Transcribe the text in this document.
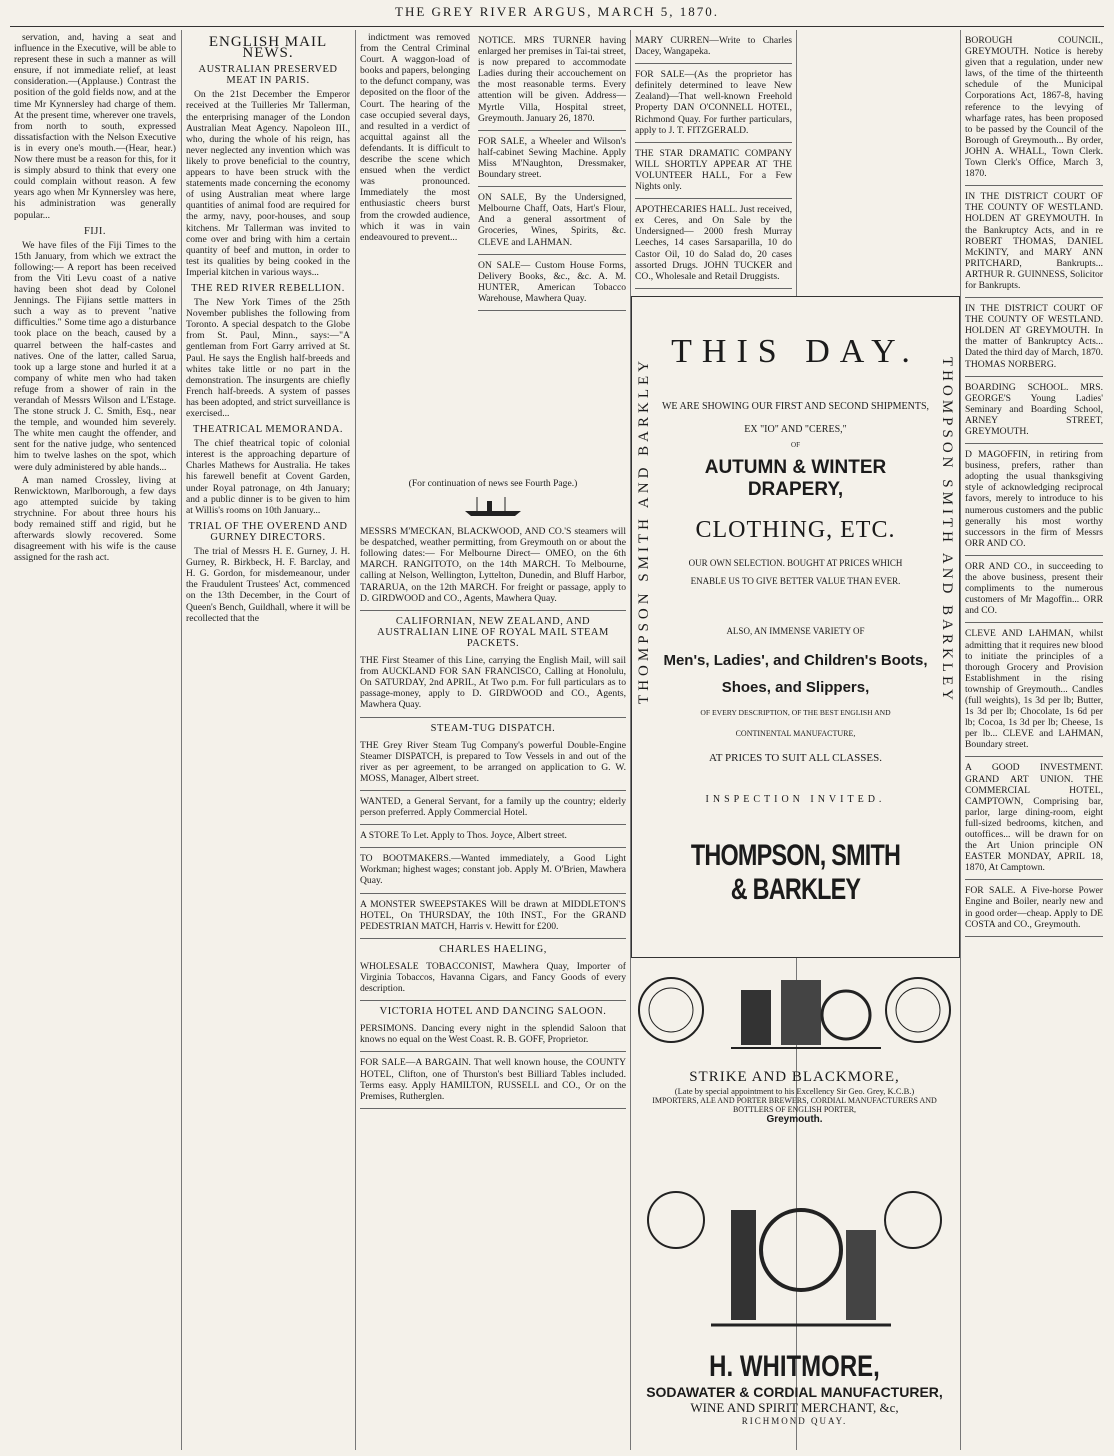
THE GREY RIVER ARGUS, MARCH 5, 1870.

servation, and, having a seat and influence in the Executive, will be able to represent these in such a manner as will ensure, if not immediate relief, at least consideration.—(Applause.) Contrast the position of the gold fields now, and at the time Mr Kynnersley had charge of them. At the present time, wherever one travels, from north to south, expressed dissatisfaction with the Nelson Executive is in every one's mouth.—(Hear, hear.) Now there must be a reason for this, for it is simply absurd to think that every one could complain without reason. A few years ago when Mr Kynnersley was here, his administration was generally popular...

FIJI.

We have files of the Fiji Times to the 15th January, from which we extract the following:— A report has been received from the Viti Levu coast of a native having been shot dead by Colonel Jennings. The Fijians settle matters in such a way as to prevent "native difficulties." Some time ago a disturbance took place on the beach, caused by a quarrel between the half-castes and natives. One of the latter, called Sarua, took up a large stone and hurled it at a company of white men who had taken refuge from a shower of rain in the verandah of Messrs Wilson and L'Estage. The stone struck J. C. Smith, Esq., near the temple, and wounded him severely. The white men caught the offender, and sent for the native judge, who sentenced him to twelve lashes on the spot, which were duly administered by able hands...

A man named Crossley, living at Renwicktown, Marlborough, a few days ago attempted suicide by taking strychnine. For about three hours his body remained stiff and rigid, but he afterwards slowly recovered. Some disagreement with his wife is the cause assigned for the rash act.

ENGLISH MAIL NEWS.
AUSTRALIAN PRESERVED MEAT IN PARIS.

On the 21st December the Emperor received at the Tuilleries Mr Tallerman, the enterprising manager of the London Australian Meat Agency. Napoleon III., who, during the whole of his reign, has never neglected any invention which was likely to prove beneficial to the country, appears to have been struck with the statements made concerning the economy of using Australian meat where large quantities of animal food are required for the army, navy, poor-houses, and soup kitchens. Mr Tallerman was invited to come over and bring with him a certain quantity of beef and mutton, in order to test its qualities by being cooked in the Imperial kitchen in various ways...

THE RED RIVER REBELLION.

The New York Times of the 25th November publishes the following from Toronto. A special despatch to the Globe from St. Paul, Minn., says:—"A gentleman from Fort Garry arrived at St. Paul. He says the English half-breeds and whites take little or no part in the demonstration. The insurgents are chiefly French half-breeds. A system of passes has been adopted, and strict surveillance is exercised...

THEATRICAL MEMORANDA.

The chief theatrical topic of colonial interest is the approaching departure of Charles Mathews for Australia. He takes his farewell benefit at Covent Garden, under Royal patronage, on 4th January; and a public dinner is to be given to him at Willis's rooms on 10th January...

TRIAL OF THE OVEREND AND GURNEY DIRECTORS.

The trial of Messrs H. E. Gurney, J. H. Gurney, R. Birkbeck, H. F. Barclay, and H. G. Gordon, for misdemeanour, under the Fraudulent Trustees' Act, commenced on the 13th December, in the Court of Queen's Bench, Guildhall, where it will be recollected that the

indictment was removed from the Central Criminal Court. A waggon-load of books and papers, belonging to the defunct company, was deposited on the floor of the Court. The hearing of the case occupied several days, and resulted in a verdict of acquittal against all the defendants. It is difficult to describe the scene which ensued when the verdict was pronounced. Immediately the most enthusiastic cheers burst from the crowded audience, which it was in vain endeavoured to prevent...

NOTICE. MRS TURNER having enlarged her premises in Tai-tai street, is now prepared to accommodate Ladies during their accouchement on the most reasonable terms. Every attention will be given. Address—Myrtle Villa, Hospital street, Greymouth. January 26, 1870.

FOR SALE, a Wheeler and Wilson's half-cabinet Sewing Machine. Apply Miss M'Naughton, Dressmaker, Boundary street.

ON SALE, By the Undersigned, Melbourne Chaff, Oats, Hart's Flour, And a general assortment of Groceries, Wines, Spirits, &c. CLEVE and LAHMAN.

ON SALE— Custom House Forms, Delivery Books, &c., &c. A. M. HUNTER, American Tobacco Warehouse, Mawhera Quay.

(For continuation of news see Fourth Page.)

MESSRS M'MECKAN, BLACKWOOD, AND CO.'S steamers will be despatched, weather permitting, from Greymouth on or about the following dates:— For Melbourne Direct— OMEO, on the 6th MARCH. RANGITOTO, on the 14th MARCH. To Melbourne, calling at Nelson, Wellington, Lyttelton, Dunedin, and Bluff Harbor, TARARUA, on the 12th MARCH. For freight or passage, apply to D. GIRDWOOD and CO., Agents, Mawhera Quay.

CALIFORNIAN, NEW ZEALAND, AND AUSTRALIAN LINE OF ROYAL MAIL STEAM PACKETS.

THE First Steamer of this Line, carrying the English Mail, will sail from AUCKLAND FOR SAN FRANCISCO, Calling at Honolulu, On SATURDAY, 2nd APRIL, At Two p.m. For full particulars as to passage-money, apply to D. GIRDWOOD and CO., Agents, Mawhera Quay.

STEAM-TUG DISPATCH.

THE Grey River Steam Tug Company's powerful Double-Engine Steamer DISPATCH, is prepared to Tow Vessels in and out of the river as per agreement, to be arranged on application to G. W. MOSS, Manager, Albert street.

WANTED, a General Servant, for a family up the country; elderly person preferred. Apply Commercial Hotel.

A STORE To Let. Apply to Thos. Joyce, Albert street.

TO BOOTMAKERS.—Wanted immediately, a Good Light Workman; highest wages; constant job. Apply M. O'Brien, Mawhera Quay.

A MONSTER SWEEPSTAKES Will be drawn at MIDDLETON'S HOTEL, On THURSDAY, the 10th INST., For the GRAND PEDESTRIAN MATCH, Harris v. Hewitt for £200.

CHARLES HAELING,

WHOLESALE TOBACCONIST, Mawhera Quay, Importer of Virginia Tobaccos, Havanna Cigars, and Fancy Goods of every description.

VICTORIA HOTEL AND DANCING SALOON.

PERSIMONS. Dancing every night in the splendid Saloon that knows no equal on the West Coast. R. B. GOFF, Proprietor.

FOR SALE—A BARGAIN. That well known house, the COUNTY HOTEL, Clifton, one of Thurston's best Billiard Tables included. Terms easy. Apply HAMILTON, RUSSELL and CO., Or on the Premises, Rutherglen.

MARY CURREN—Write to Charles Dacey, Wangapeka.

FOR SALE—(As the proprietor has definitely determined to leave New Zealand)—That well-known Freehold Property DAN O'CONNELL HOTEL, Richmond Quay. For further particulars, apply to J. T. FITZGERALD.

THE STAR DRAMATIC COMPANY WILL SHORTLY APPEAR AT THE VOLUNTEER HALL, For a Few Nights only.

APOTHECARIES HALL. Just received, ex Ceres, and On Sale by the Undersigned— 2000 fresh Murray Leeches, 14 cases Sarsaparilla, 10 do Castor Oil, 10 do Salad do, 20 cases assorted Drugs. JOHN TUCKER and CO., Wholesale and Retail Druggists.

THOMPSON SMITH AND BARKLEY	THOMPSON SMITH AND BARKLEY
THIS DAY.
WE ARE SHOWING OUR FIRST AND SECOND SHIPMENTS,
EX "IO" AND "CERES,"
OF
AUTUMN & WINTER DRAPERY,
CLOTHING, ETC.
OUR OWN SELECTION. BOUGHT AT PRICES WHICH
ENABLE US TO GIVE BETTER VALUE THAN EVER.
ALSO, AN IMMENSE VARIETY OF
Men's, Ladies', and Children's Boots,
Shoes, and Slippers,
OF EVERY DESCRIPTION, OF THE BEST ENGLISH AND
CONTINENTAL MANUFACTURE,
AT PRICES TO SUIT ALL CLASSES.
INSPECTION INVITED.
THOMPSON, SMITH & BARKLEY
STRIKE AND BLACKMORE,
(Late by special appointment to his Excellency Sir Geo. Grey, K.C.B.)
IMPORTERS, ALE AND PORTER BREWERS, CORDIAL MANUFACTURERS AND BOTTLERS OF ENGLISH PORTER,
Greymouth.
H. WHITMORE,
SODAWATER & CORDIAL MANUFACTURER,
WINE AND SPIRIT MERCHANT, &c,
RICHMOND QUAY.

BOROUGH COUNCIL, GREYMOUTH. Notice is hereby given that a regulation, under new laws, of the time of the thirteenth schedule of the Municipal Corporations Act, 1867-8, having reference to the levying of wharfage rates, has been proposed to be passed by the Council of the Borough of Greymouth... By order, JOHN A. WHALL, Town Clerk. Town Clerk's Office, March 3, 1870.

IN THE DISTRICT COURT OF THE COUNTY OF WESTLAND. HOLDEN AT GREYMOUTH. In the Bankruptcy Acts, and in re ROBERT THOMAS, DANIEL McKINTY, and MARY ANN PRITCHARD, Bankrupts... ARTHUR R. GUINNESS, Solicitor for Bankrupts.

IN THE DISTRICT COURT OF THE COUNTY OF WESTLAND. HOLDEN AT GREYMOUTH. In the matter of Bankruptcy Acts... Dated the third day of March, 1870. THOMAS NORBERG.

BOARDING SCHOOL. MRS. GEORGE'S Young Ladies' Seminary and Boarding School, ARNEY STREET, GREYMOUTH.

D MAGOFFIN, in retiring from business, prefers, rather than adopting the usual thanksgiving style of acknowledging reciprocal favors, merely to introduce to his numerous customers and the public generally his most worthy successors in the firm of Messrs ORR AND CO.

ORR AND CO., in succeeding to the above business, present their compliments to the numerous customers of Mr Magoffin... ORR and CO.

CLEVE AND LAHMAN, whilst admitting that it requires new blood to initiate the principles of a thorough Grocery and Provision Establishment in the rising township of Greymouth... Candles (full weights), 1s 3d per lb; Butter, 1s 3d per lb; Chocolate, 1s 6d per lb; Cocoa, 1s 3d per lb; Cheese, 1s per lb... CLEVE and LAHMAN, Boundary street.

A GOOD INVESTMENT. GRAND ART UNION. THE COMMERCIAL HOTEL, CAMPTOWN, Comprising bar, parlor, large dining-room, eight full-sized bedrooms, kitchen, and outoffices... will be drawn for on the Art Union principle ON EASTER MONDAY, APRIL 18, 1870, At Camptown.

FOR SALE. A Five-horse Power Engine and Boiler, nearly new and in good order—cheap. Apply to DE COSTA and CO., Greymouth.
